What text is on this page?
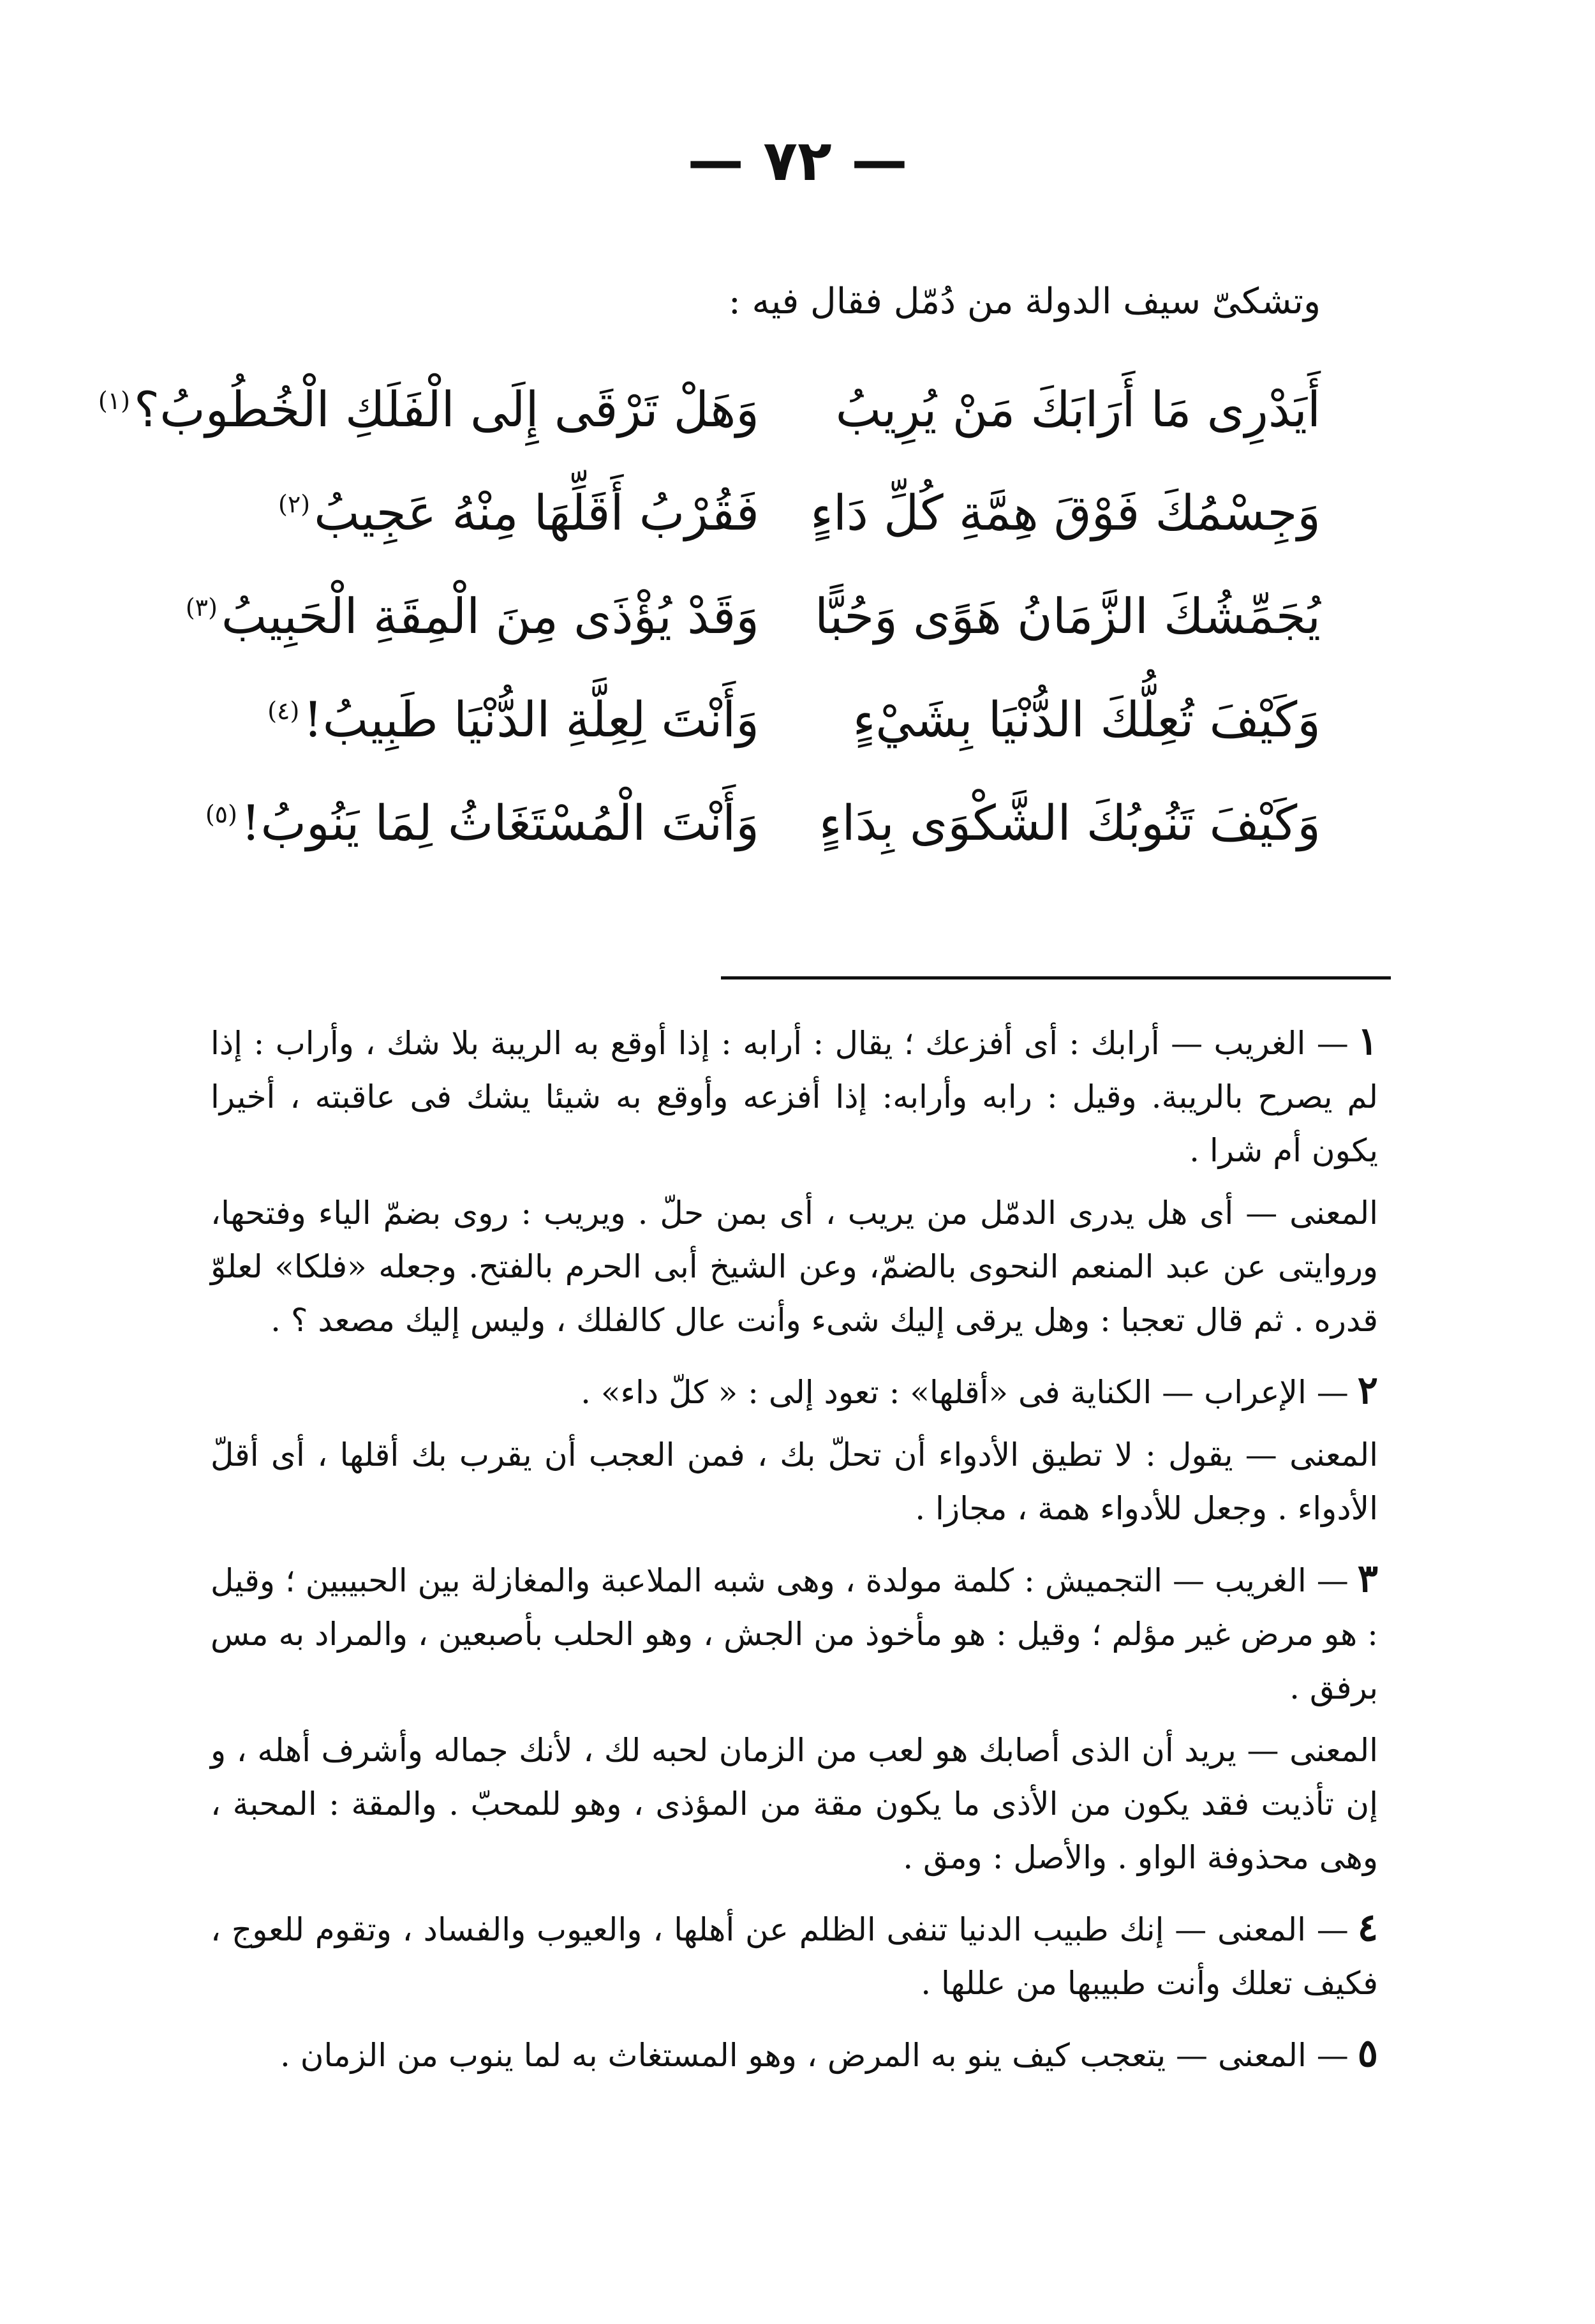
— ٧٢ —
وتشكىّ سيف الدولة من دُمّل فقال فيه :
أَيَدْرِى مَا أَرَابَكَ مَنْ يُرِيبُ
وَهَلْ تَرْقَى إِلَى الْفَلَكِ الْخُطُوبُ؟$^{(١)}$
وَجِسْمُكَ فَوْقَ هِمَّةِ كُلِّ دَاءٍ
فَقُرْبُ أَقَلِّهَا مِنْهُ عَجِيبُ$^{(٢)}$
يُجَمِّشُكَ الزَّمَانُ هَوًى وَحُبًّا
وَقَدْ يُؤْذَى مِنَ الْمِقَةِ الْحَبِيبُ$^{(٣)}$
وَكَيْفَ تُعِلُّكَ الدُّنْيَا بِشَيْءٍ
وَأَنْتَ لِعِلَّةِ الدُّنْيَا طَبِيبُ!$^{(٤)}$
وَكَيْفَ تَنُوبُكَ الشَّكْوَى بِدَاءٍ
وَأَنْتَ الْمُسْتَغَاثُ لِمَا يَنُوبُ!$^{(٥)}$

١— الغريب — أرابك : أى أفزعك ؛ يقال : أرابه : إذا أوقع به الريبة بلا شك ، وأراب : إذا لم يصرح بالريبة. وقيل : رابه وأرابه: إذا أفزعه وأوقع به شيئا يشك فى عاقبته ، أخيرا يكون أم شرا .

المعنى — أى هل يدرى الدمّل من يريب ، أى بمن حلّ . ويريب : روى بضمّ الياء وفتحها، وروايتى عن عبد المنعم النحوى بالضمّ، وعن الشيخ أبى الحرم بالفتح. وجعله «فلكا» لعلوّ قدره . ثم قال تعجبا : وهل يرقى إليك شىء وأنت عال كالفلك ، وليس إليك مصعد ؟ .

٢— الإعراب — الكناية فى «أقلها» : تعود إلى : « كلّ داء» .

المعنى — يقول : لا تطيق الأدواء أن تحلّ بك ، فمن العجب أن يقرب بك أقلها ، أى أقلّ الأدواء . وجعل للأدواء همة ، مجازا .

٣— الغريب — التجميش : كلمة مولدة ، وهى شبه الملاعبة والمغازلة بين الحبيبين ؛ وقيل : هو مرض غير مؤلم ؛ وقيل : هو مأخوذ من الجش ، وهو الحلب بأصبعين ، والمراد به مس برفق .

المعنى — يريد أن الذى أصابك هو لعب من الزمان لحبه لك ، لأنك جماله وأشرف أهله ، و إن تأذيت فقد يكون من الأذى ما يكون مقة من المؤذى ، وهو للمحبّ . والمقة : المحبة ، وهى محذوفة الواو . والأصل : ومق .

٤— المعنى — إنك طبيب الدنيا تنفى الظلم عن أهلها ، والعيوب والفساد ، وتقوم للعوج ، فكيف تعلك وأنت طبيبها من عللها .

٥— المعنى — يتعجب كيف ينو به المرض ، وهو المستغاث به لما ينوب من الزمان .
